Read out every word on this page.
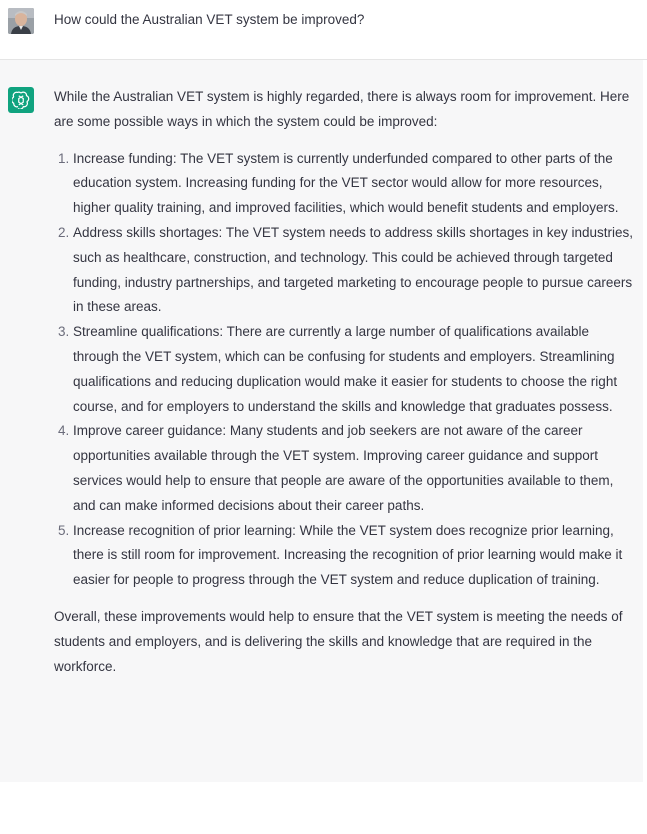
How could the Australian VET system be improved?

While the Australian VET system is highly regarded, there is always room for improvement. Here are some possible ways in which the system could be improved:

1. Increase funding: The VET system is currently underfunded compared to other parts of the education system. Increasing funding for the VET sector would allow for more resources, higher quality training, and improved facilities, which would benefit students and employers.
2. Address skills shortages: The VET system needs to address skills shortages in key industries, such as healthcare, construction, and technology. This could be achieved through targeted funding, industry partnerships, and targeted marketing to encourage people to pursue careers in these areas.
3. Streamline qualifications: There are currently a large number of qualifications available through the VET system, which can be confusing for students and employers. Streamlining qualifications and reducing duplication would make it easier for students to choose the right course, and for employers to understand the skills and knowledge that graduates possess.
4. Improve career guidance: Many students and job seekers are not aware of the career opportunities available through the VET system. Improving career guidance and support services would help to ensure that people are aware of the opportunities available to them, and can make informed decisions about their career paths.
5. Increase recognition of prior learning: While the VET system does recognize prior learning, there is still room for improvement. Increasing the recognition of prior learning would make it easier for people to progress through the VET system and reduce duplication of training.

Overall, these improvements would help to ensure that the VET system is meeting the needs of students and employers, and is delivering the skills and knowledge that are required in the workforce.
